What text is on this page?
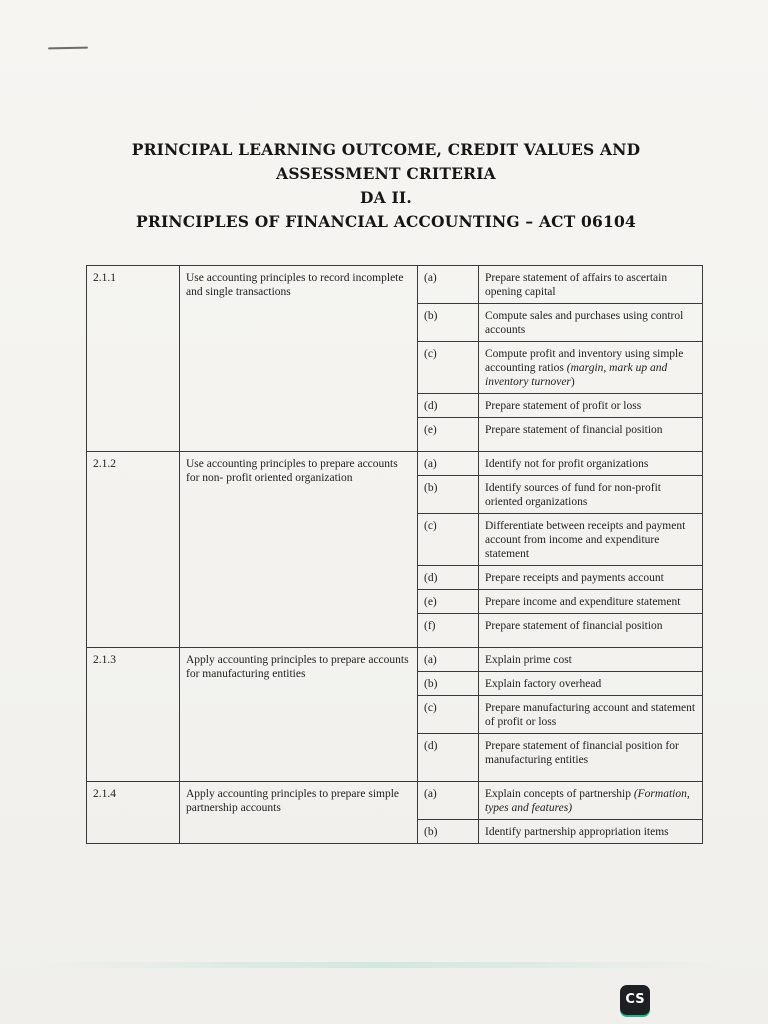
PRINCIPAL LEARNING OUTCOME, CREDIT VALUES AND
ASSESSMENT CRITERIA
DA II.
PRINCIPLES OF FINANCIAL ACCOUNTING – ACT 06104
2.1.1	Use accounting principles to record incomplete and single transactions	(a)	Prepare statement of affairs to ascertain opening capital
		(b)	Compute sales and purchases using control accounts
		(c)	Compute profit and inventory using simple accounting ratios (margin, mark up and inventory turnover)
		(d)	Prepare statement of profit or loss
		(e)	Prepare statement of financial position
2.1.2	Use accounting principles to prepare accounts for non- profit oriented organization	(a)	Identify not for profit organizations
		(b)	Identify sources of fund for non-profit oriented organizations
		(c)	Differentiate between receipts and payment account from income and expenditure statement
		(d)	Prepare receipts and payments account
		(e)	Prepare income and expenditure statement
		(f)	Prepare statement of financial position
2.1.3	Apply accounting principles to prepare accounts for manufacturing entities	(a)	Explain prime cost
		(b)	Explain factory overhead
		(c)	Prepare manufacturing account and statement of profit or loss
		(d)	Prepare statement of financial position for manufacturing entities
2.1.4	Apply accounting principles to prepare simple partnership accounts	(a)	Explain concepts of partnership (Formation, types and features)
		(b)	Identify partnership appropriation items
CS
